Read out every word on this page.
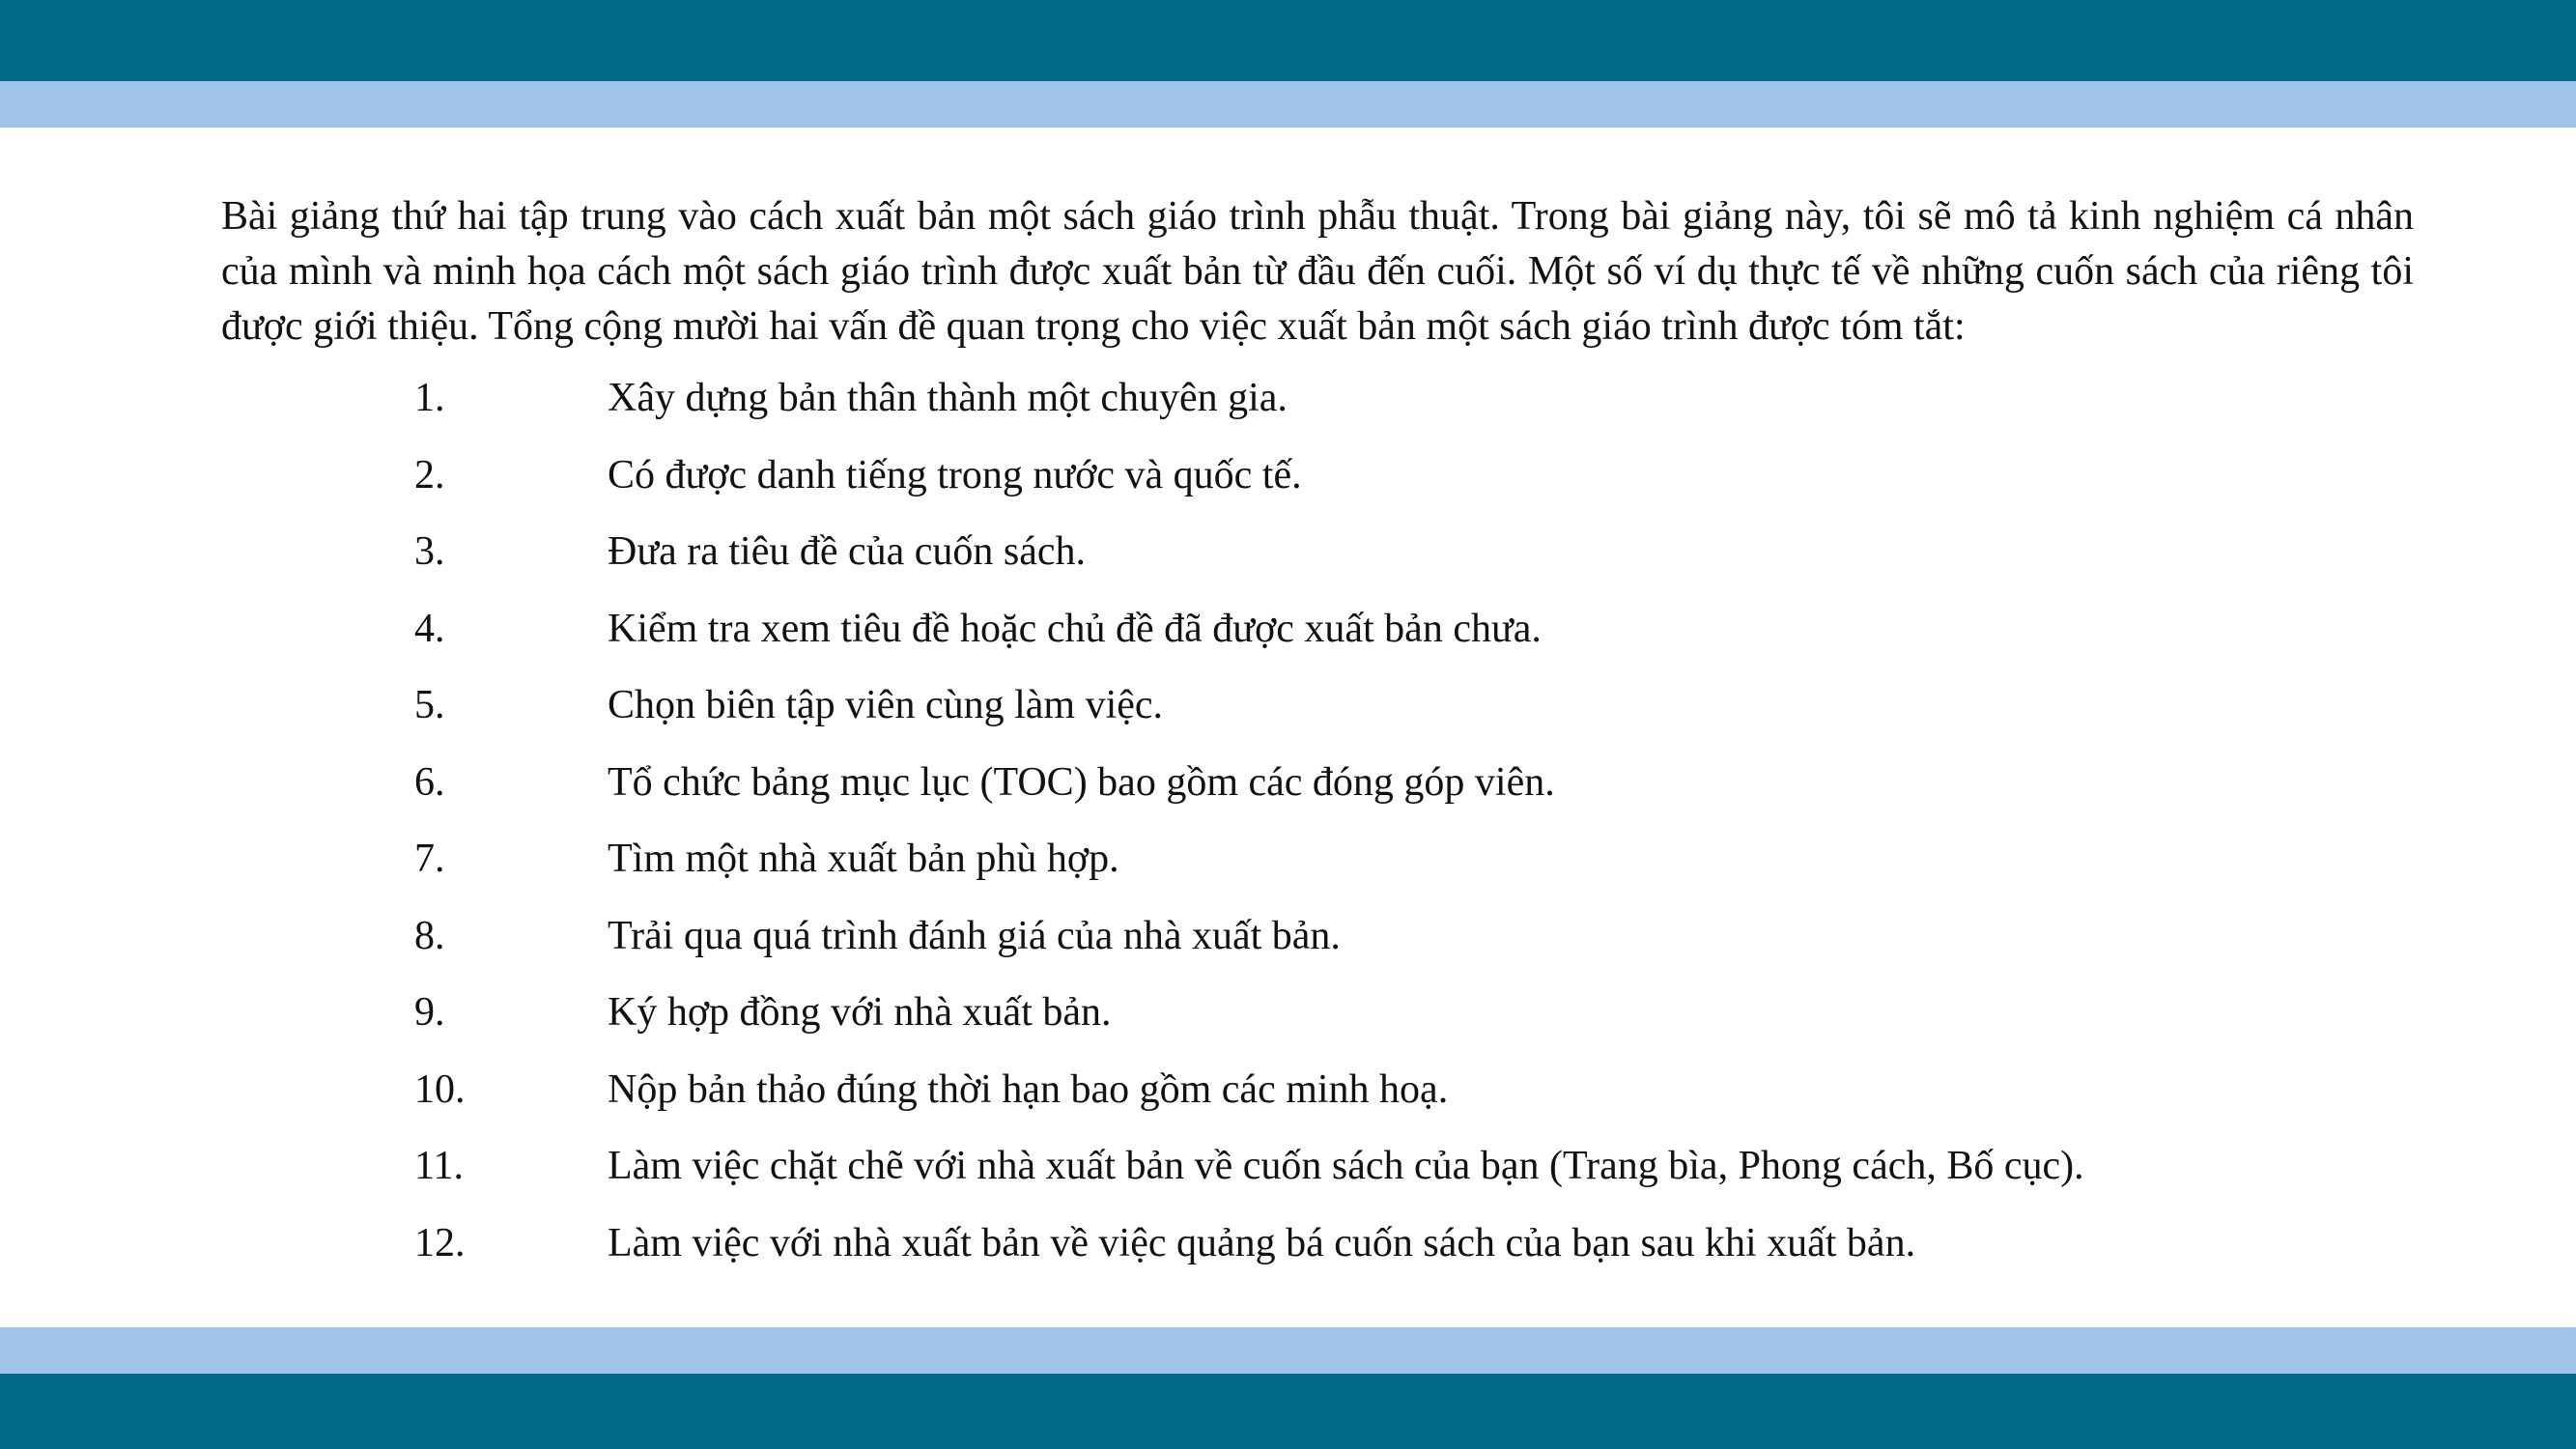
Bài giảng thứ hai tập trung vào cách xuất bản một sách giáo trình phẫu thuật. Trong bài giảng này, tôi sẽ mô tả kinh nghiệm cá nhân của mình và minh họa cách một sách giáo trình được xuất bản từ đầu đến cuối. Một số ví dụ thực tế về những cuốn sách của riêng tôi được giới thiệu. Tổng cộng mười hai vấn đề quan trọng cho việc xuất bản một sách giáo trình được tóm tắt:

1.	Xây dựng bản thân thành một chuyên gia.
2.	Có được danh tiếng trong nước và quốc tế.
3.	Đưa ra tiêu đề của cuốn sách.
4.	Kiểm tra xem tiêu đề hoặc chủ đề đã được xuất bản chưa.
5.	Chọn biên tập viên cùng làm việc.
6.	Tổ chức bảng mục lục (TOC) bao gồm các đóng góp viên.
7.	Tìm một nhà xuất bản phù hợp.
8.	Trải qua quá trình đánh giá của nhà xuất bản.
9.	Ký hợp đồng với nhà xuất bản.
10.	Nộp bản thảo đúng thời hạn bao gồm các minh hoạ.
11.	Làm việc chặt chẽ với nhà xuất bản về cuốn sách của bạn (Trang bìa, Phong cách, Bố cục).
12.	Làm việc với nhà xuất bản về việc quảng bá cuốn sách của bạn sau khi xuất bản.
